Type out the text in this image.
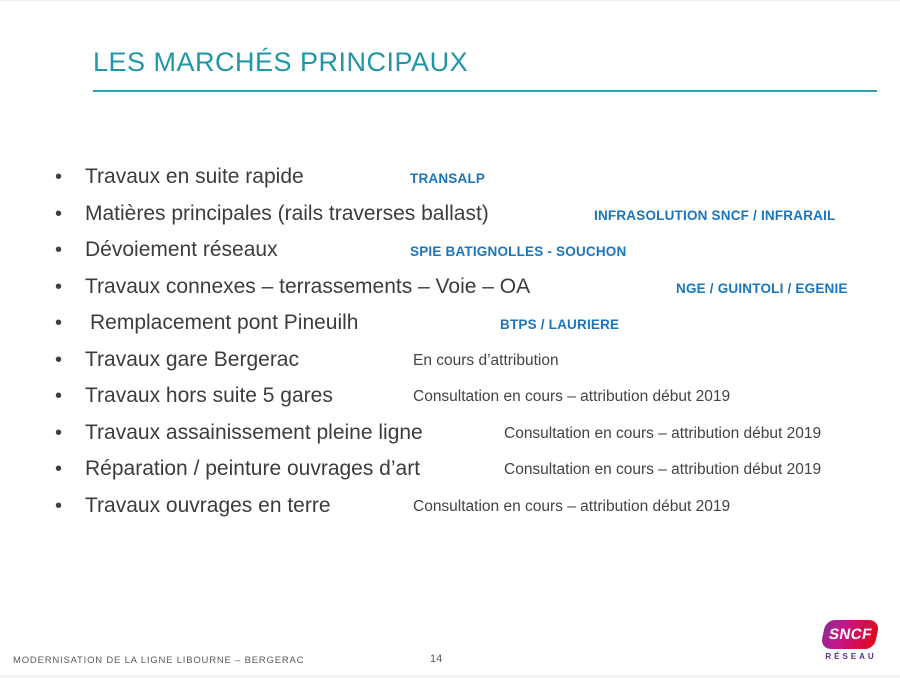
LES MARCHÉS PRINCIPAUX
• Travaux en suite rapide	TRANSALP
• Matières principales (rails traverses ballast)	INFRASOLUTION SNCF / INFRARAIL
• Dévoiement réseaux	SPIE BATIGNOLLES - SOUCHON
• Travaux connexes – terrassements – Voie – OA	NGE / GUINTOLI / EGENIE
• Remplacement pont Pineuilh	BTPS / LAURIERE
• Travaux gare Bergerac	En cours d’attribution
• Travaux hors suite 5 gares	Consultation en cours – attribution début 2019
• Travaux assainissement pleine ligne	Consultation en cours – attribution début 2019
• Réparation / peinture ouvrages d’art	Consultation en cours – attribution début 2019
• Travaux ouvrages en terre	Consultation en cours – attribution début 2019
MODERNISATION DE LA LIGNE LIBOURNE – BERGERAC	14
SNCF
RÉSEAU
